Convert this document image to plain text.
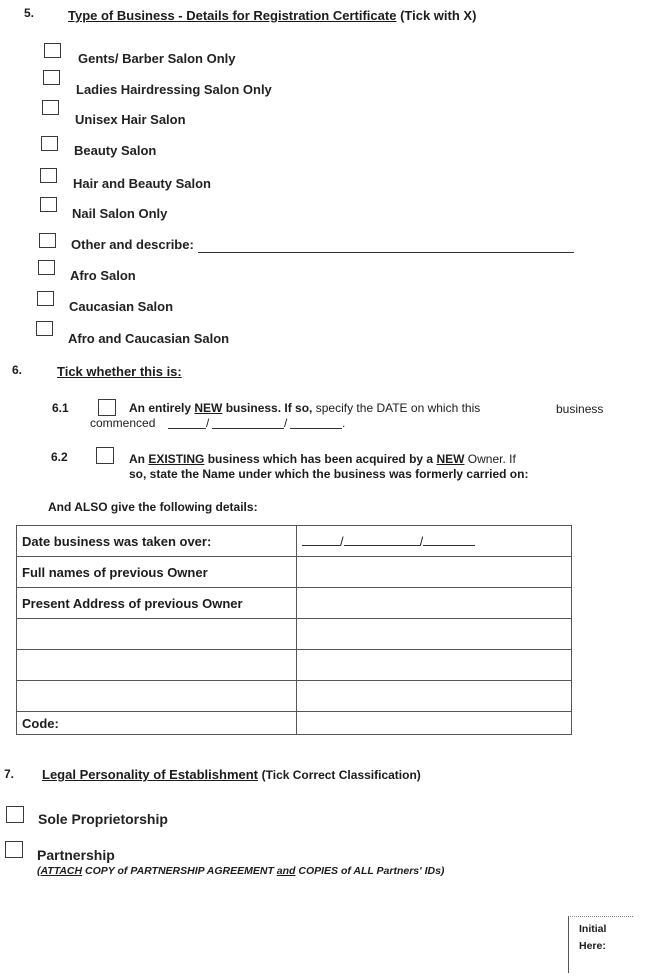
5.	Type of Business - Details for Registration Certificate (Tick with X)
Gents/ Barber Salon Only
Ladies Hairdressing Salon Only
Unisex Hair Salon
Beauty Salon
Hair and Beauty Salon
Nail Salon Only
Other and describe:
Afro Salon
Caucasian Salon
Afro and Caucasian Salon
6.	Tick whether this is:
6.1	An entirely NEW business. If so, specify the DATE on which this	business
commenced	/	/	.
6.2	An EXISTING business which has been acquired by a NEW Owner. If
so, state the Name under which the business was formerly carried on:
And ALSO give the following details:
Date business was taken over:	/ /
Full names of previous Owner	
Present Address of previous Owner	

Code:	
7. Legal Personality of Establishment (Tick Correct Classification)
Sole Proprietorship
Partnership
(ATTACH COPY of PARTNERSHIP AGREEMENT and COPIES of ALL Partners' IDs)
Initial
Here:
